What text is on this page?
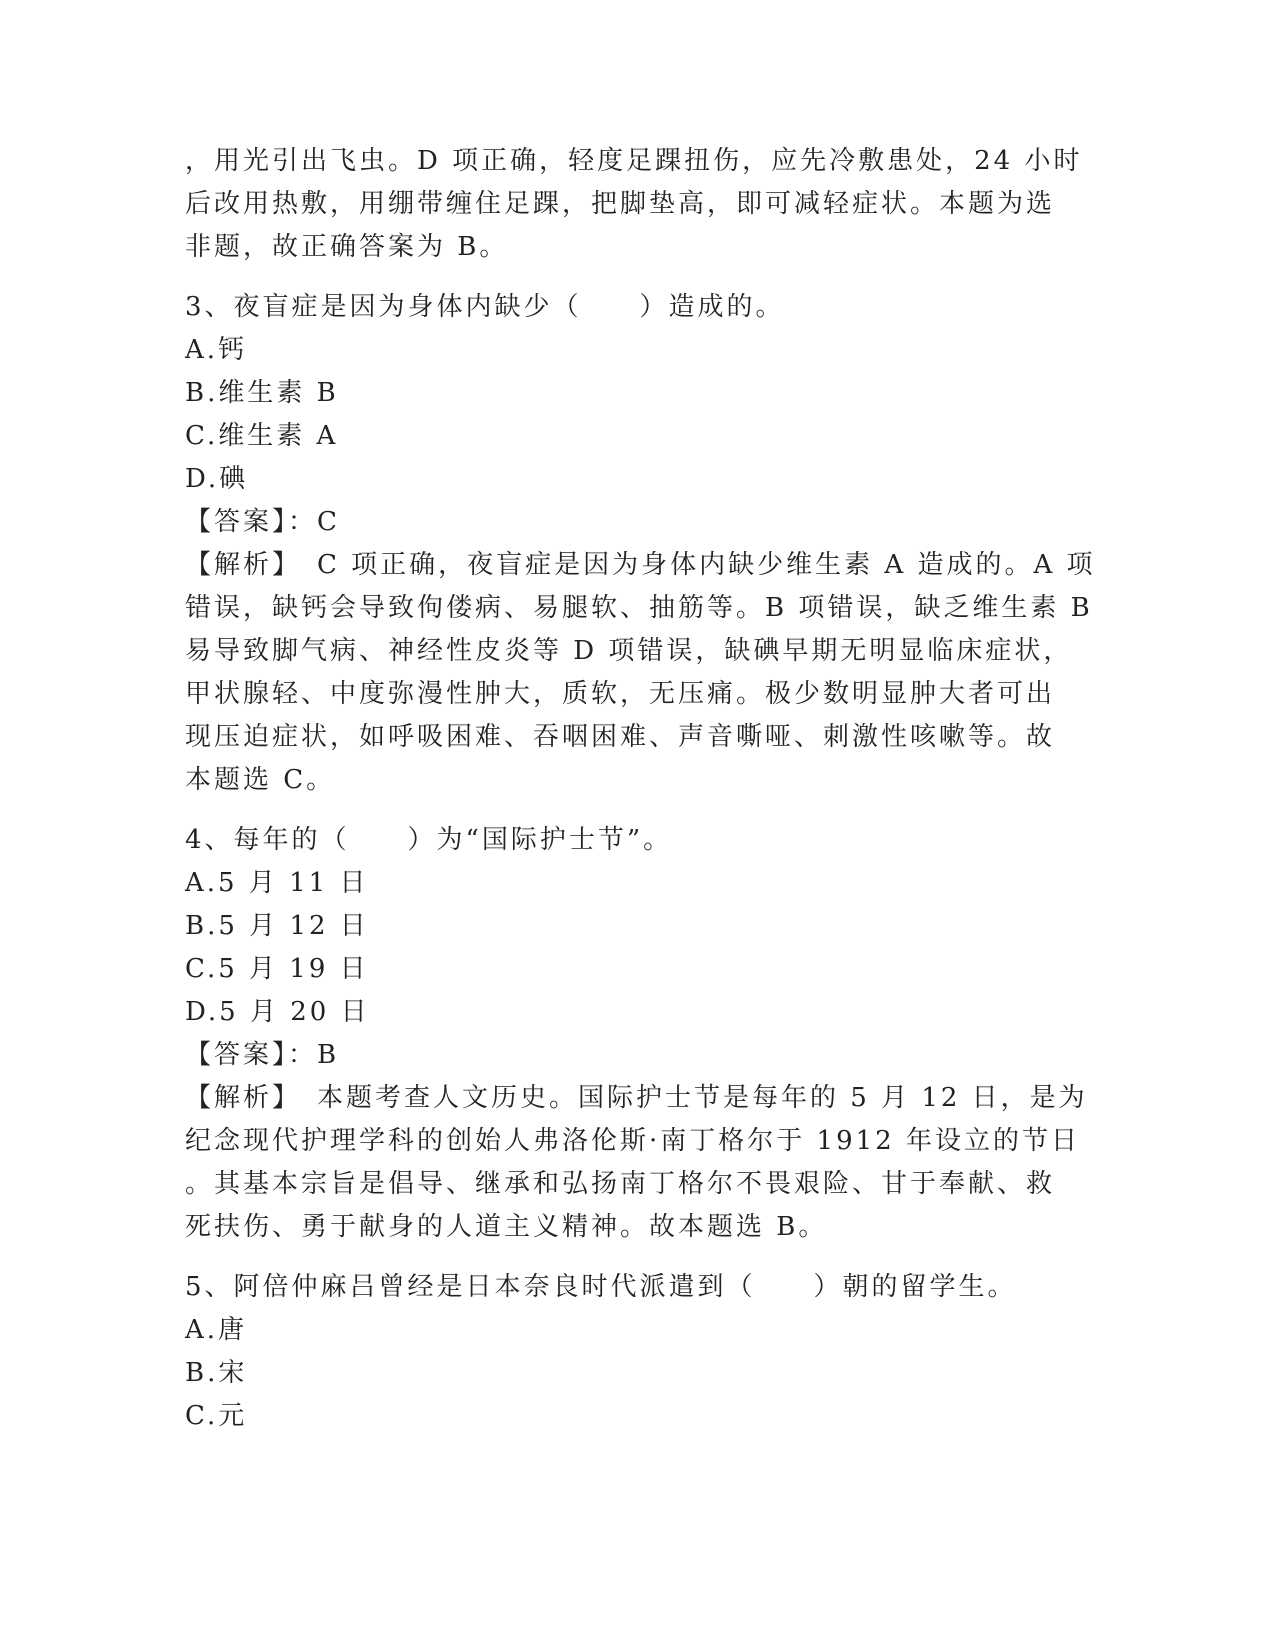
，用光引出飞虫。D 项正确，轻度足踝扭伤，应先冷敷患处，24 小时
后改用热敷，用绷带缠住足踝，把脚垫高，即可减轻症状。本题为选
非题，故正确答案为 B。
3、夜盲症是因为身体内缺少（　　）造成的。
A.钙
B.维生素 B
C.维生素 A
D.碘
【答案】：C
【解析】　C 项正确，夜盲症是因为身体内缺少维生素 A 造成的。A 项
错误，缺钙会导致佝偻病、易腿软、抽筋等。B 项错误，缺乏维生素 B
易导致脚气病、神经性皮炎等 D 项错误，缺碘早期无明显临床症状，
甲状腺轻、中度弥漫性肿大，质软，无压痛。极少数明显肿大者可出
现压迫症状，如呼吸困难、吞咽困难、声音嘶哑、刺激性咳嗽等。故
本题选 C。
4、每年的（　　）为“国际护士节”。
A.5 月 11 日
B.5 月 12 日
C.5 月 19 日
D.5 月 20 日
【答案】：B
【解析】　本题考查人文历史。国际护士节是每年的 5 月 12 日，是为
纪念现代护理学科的创始人弗洛伦斯·南丁格尔于 1912 年设立的节日
。其基本宗旨是倡导、继承和弘扬南丁格尔不畏艰险、甘于奉献、救
死扶伤、勇于献身的人道主义精神。故本题选 B。
5、阿倍仲麻吕曾经是日本奈良时代派遣到（　　）朝的留学生。
A.唐
B.宋
C.元
